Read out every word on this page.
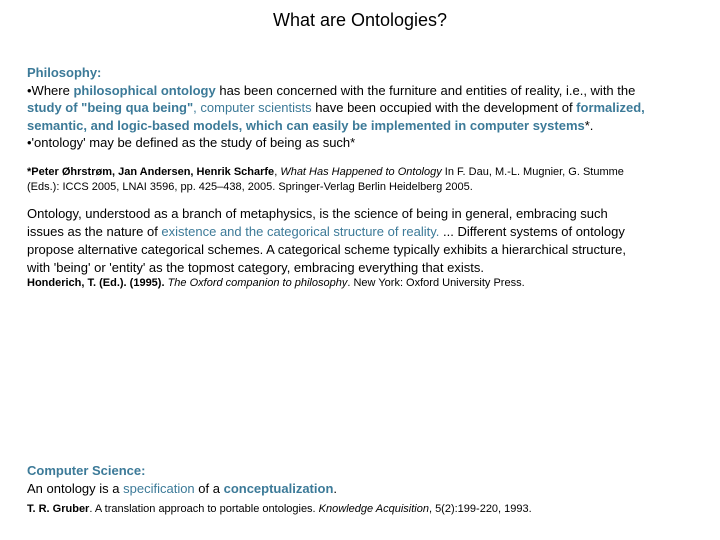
What are Ontologies?
Philosophy:
•Where philosophical ontology has been concerned with the furniture and entities of reality, i.e., with the
study of "being qua being", computer scientists have been occupied with the development of formalized,
semantic, and logic-based models, which can easily be implemented in computer systems*.
•'ontology' may be defined as the study of being as such*
*Peter Øhrstrøm, Jan Andersen, Henrik Scharfe, What Has Happened to Ontology In F. Dau, M.-L. Mugnier, G. Stumme
(Eds.): ICCS 2005, LNAI 3596, pp. 425–438, 2005. Springer-Verlag Berlin Heidelberg 2005.
Ontology, understood as a branch of metaphysics, is the science of being in general, embracing such
issues as the nature of existence and the categorical structure of reality. ... Different systems of ontology
propose alternative categorical schemes. A categorical scheme typically exhibits a hierarchical structure,
with 'being' or 'entity' as the topmost category, embracing everything that exists.
Honderich, T. (Ed.). (1995). The Oxford companion to philosophy. New York: Oxford University Press.
Computer Science:
An ontology is a specification of a conceptualization.
T. R. Gruber. A translation approach to portable ontologies. Knowledge Acquisition, 5(2):199-220, 1993.
